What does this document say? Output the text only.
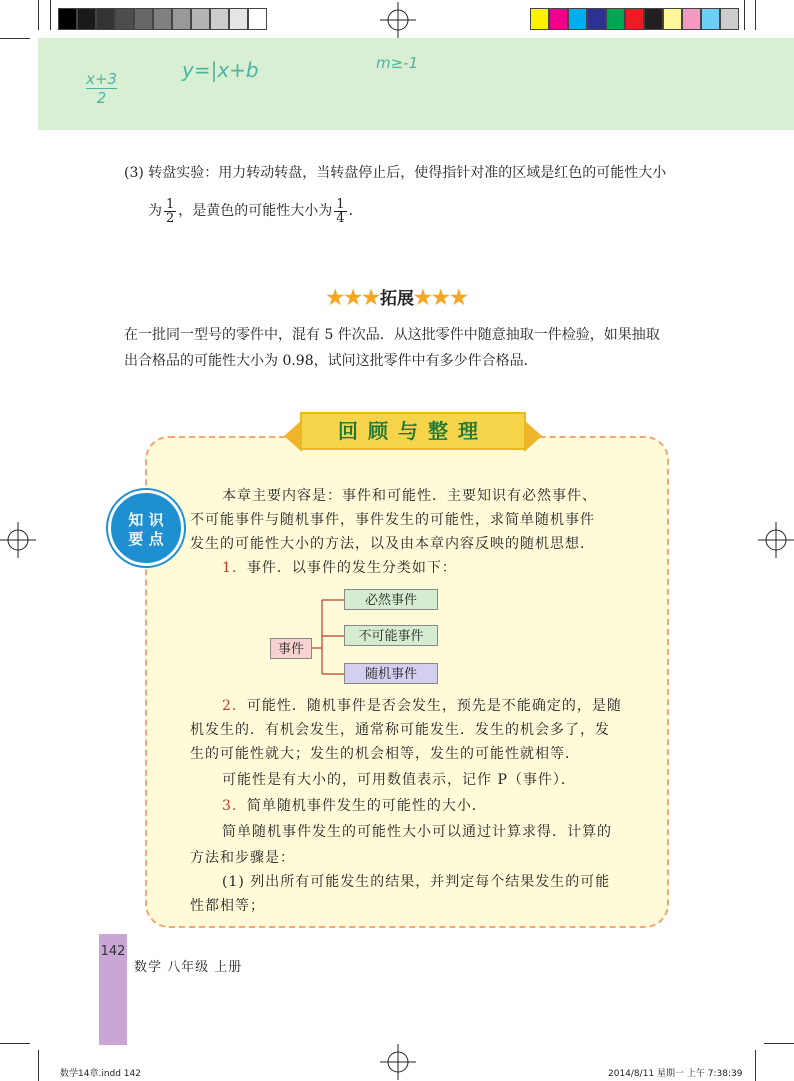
x+3
2
y=|x+b	m≥-1
(3) 转盘实验：用力转动转盘，当转盘停止后，使得指针对准的区域是红色的可能性大小
为 $\frac{1}{2}$ ，是黄色的可能性大小为 $\frac{1}{4}$ .
★★★拓展★★★
在一批同一型号的零件中，混有 5 件次品．从这批零件中随意抽取一件检验，如果抽取
出合格品的可能性大小为 0.98，试问这批零件中有多少件合格品．
回顾与整理
知 识
要 点
本章主要内容是：事件和可能性．主要知识有必然事件、
不可能事件与随机事件，事件发生的可能性，求简单随机事件
发生的可能性大小的方法，以及由本章内容反映的随机思想．
1．事件．以事件的发生分类如下：
事件
必然事件
不可能事件
随机事件
2．可能性．随机事件是否会发生，预先是不能确定的，是随
机发生的．有机会发生，通常称可能发生．发生的机会多了，发
生的可能性就大；发生的机会相等，发生的可能性就相等．
可能性是有大小的，可用数值表示，记作 P（事件）．
3．简单随机事件发生的可能性的大小．
简单随机事件发生的可能性大小可以通过计算求得．计算的
方法和步骤是：
(1) 列出所有可能发生的结果，并判定每个结果发生的可能
性都相等；
142
数学 八年级 上册
数学14章.indd 142	2014/8/11 星期一 上午 7:38:39
